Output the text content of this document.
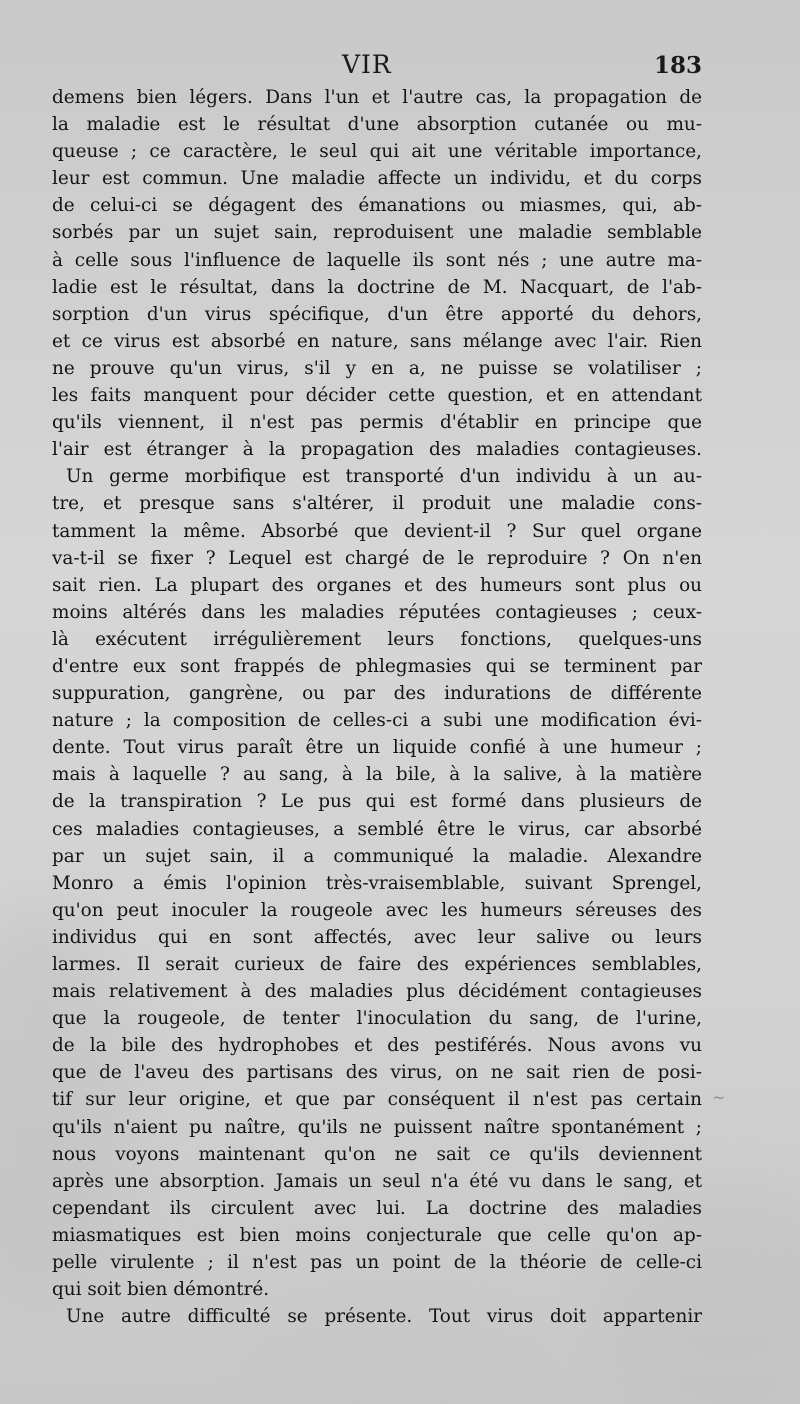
VIR	183
demens bien légers. Dans l'un et l'autre cas, la propagation de
la maladie est le résultat d'une absorption cutanée ou mu-
queuse ; ce caractère, le seul qui ait une véritable importance,
leur est commun. Une maladie affecte un individu, et du corps
de celui-ci se dégagent des émanations ou miasmes, qui, ab-
sorbés par un sujet sain, reproduisent une maladie semblable
à celle sous l'influence de laquelle ils sont nés ; une autre ma-
ladie est le résultat, dans la doctrine de M. Nacquart, de l'ab-
sorption d'un virus spécifique, d'un être apporté du dehors,
et ce virus est absorbé en nature, sans mélange avec l'air. Rien
ne prouve qu'un virus, s'il y en a, ne puisse se volatiliser ;
les faits manquent pour décider cette question, et en attendant
qu'ils viennent, il n'est pas permis d'établir en principe que
l'air est étranger à la propagation des maladies contagieuses.
Un germe morbifique est transporté d'un individu à un au-
tre, et presque sans s'altérer, il produit une maladie cons-
tamment la même. Absorbé que devient-il ? Sur quel organe
va-t-il se fixer ? Lequel est chargé de le reproduire ? On n'en
sait rien. La plupart des organes et des humeurs sont plus ou
moins altérés dans les maladies réputées contagieuses ; ceux-
là exécutent irrégulièrement leurs fonctions, quelques-uns
d'entre eux sont frappés de phlegmasies qui se terminent par
suppuration, gangrène, ou par des indurations de différente
nature ; la composition de celles-ci a subi une modification évi-
dente. Tout virus paraît être un liquide confié à une humeur ;
mais à laquelle ? au sang, à la bile, à la salive, à la matière
de la transpiration ? Le pus qui est formé dans plusieurs de
ces maladies contagieuses, a semblé être le virus, car absorbé
par un sujet sain, il a communiqué la maladie. Alexandre
Monro a émis l'opinion très-vraisemblable, suivant Sprengel,
qu'on peut inoculer la rougeole avec les humeurs séreuses des
individus qui en sont affectés, avec leur salive ou leurs
larmes. Il serait curieux de faire des expériences semblables,
mais relativement à des maladies plus décidément contagieuses
que la rougeole, de tenter l'inoculation du sang, de l'urine,
de la bile des hydrophobes et des pestiférés. Nous avons vu
que de l'aveu des partisans des virus, on ne sait rien de posi-
tif sur leur origine, et que par conséquent il n'est pas certain
qu'ils n'aient pu naître, qu'ils ne puissent naître spontanément ;
nous voyons maintenant qu'on ne sait ce qu'ils deviennent
après une absorption. Jamais un seul n'a été vu dans le sang, et
cependant ils circulent avec lui. La doctrine des maladies
miasmatiques est bien moins conjecturale que celle qu'on ap-
pelle virulente ; il n'est pas un point de la théorie de celle-ci
qui soit bien démontré.
Une autre difficulté se présente. Tout virus doit appartenir
~
